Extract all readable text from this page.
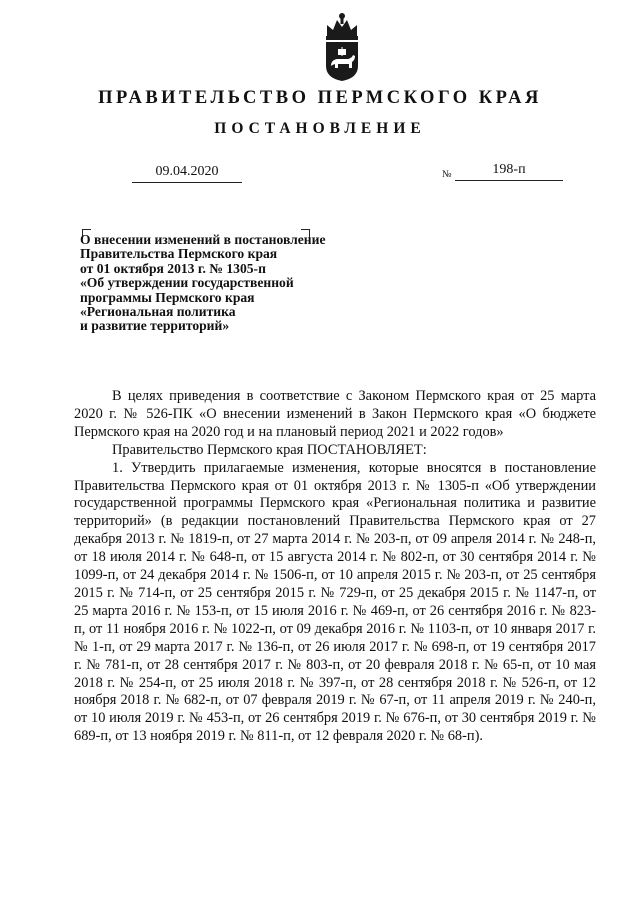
ПРАВИТЕЛЬСТВО ПЕРМСКОГО КРАЯ
ПОСТАНОВЛЕНИЕ
09.04.2020	№	198-п
О внесении изменений в постановление
Правительства Пермского края
от 01 октября 2013 г. № 1305-п
«Об утверждении государственной
программы Пермского края
«Региональная политика
и развитие территорий»

В целях приведения в соответствие с Законом Пермского края от 25 марта 2020 г. № 526-ПК «О внесении изменений в Закон Пермского края «О бюджете Пермского края на 2020 год и на плановый период 2021 и 2022 годов»

Правительство Пермского края ПОСТАНОВЛЯЕТ:

1. Утвердить прилагаемые изменения, которые вносятся в постановление Правительства Пермского края от 01 октября 2013 г. № 1305-п «Об утверждении государственной программы Пермского края «Региональная политика и развитие территорий» (в редакции постановлений Правительства Пермского края от 27 декабря 2013 г. № 1819-п, от 27 марта 2014 г. № 203-п, от 09 апреля 2014 г. № 248-п, от 18 июля 2014 г. № 648-п, от 15 августа 2014 г. № 802-п, от 30 сентября 2014 г. № 1099-п, от 24 декабря 2014 г. № 1506-п, от 10 апреля 2015 г. № 203-п, от 25 сентября 2015 г. № 714-п, от 25 сентября 2015 г. № 729-п, от 25 декабря 2015 г. № 1147-п, от 25 марта 2016 г. № 153-п, от 15 июля 2016 г. № 469-п, от 26 сентября 2016 г. № 823-п, от 11 ноября 2016 г. № 1022-п, от 09 декабря 2016 г. № 1103-п, от 10 января 2017 г. № 1-п, от 29 марта 2017 г. № 136-п, от 26 июля 2017 г. № 698-п, от 19 сентября 2017 г. № 781-п, от 28 сентября 2017 г. № 803-п, от 20 февраля 2018 г. № 65-п, от 10 мая 2018 г. № 254-п, от 25 июля 2018 г. № 397-п, от 28 сентября 2018 г. № 526-п, от 12 ноября 2018 г. № 682-п, от 07 февраля 2019 г. № 67-п, от 11 апреля 2019 г. № 240-п, от 10 июля 2019 г. № 453-п, от 26 сентября 2019 г. № 676-п, от 30 сентября 2019 г. № 689-п, от 13 ноября 2019 г. № 811-п, от 12 февраля 2020 г. № 68-п).
